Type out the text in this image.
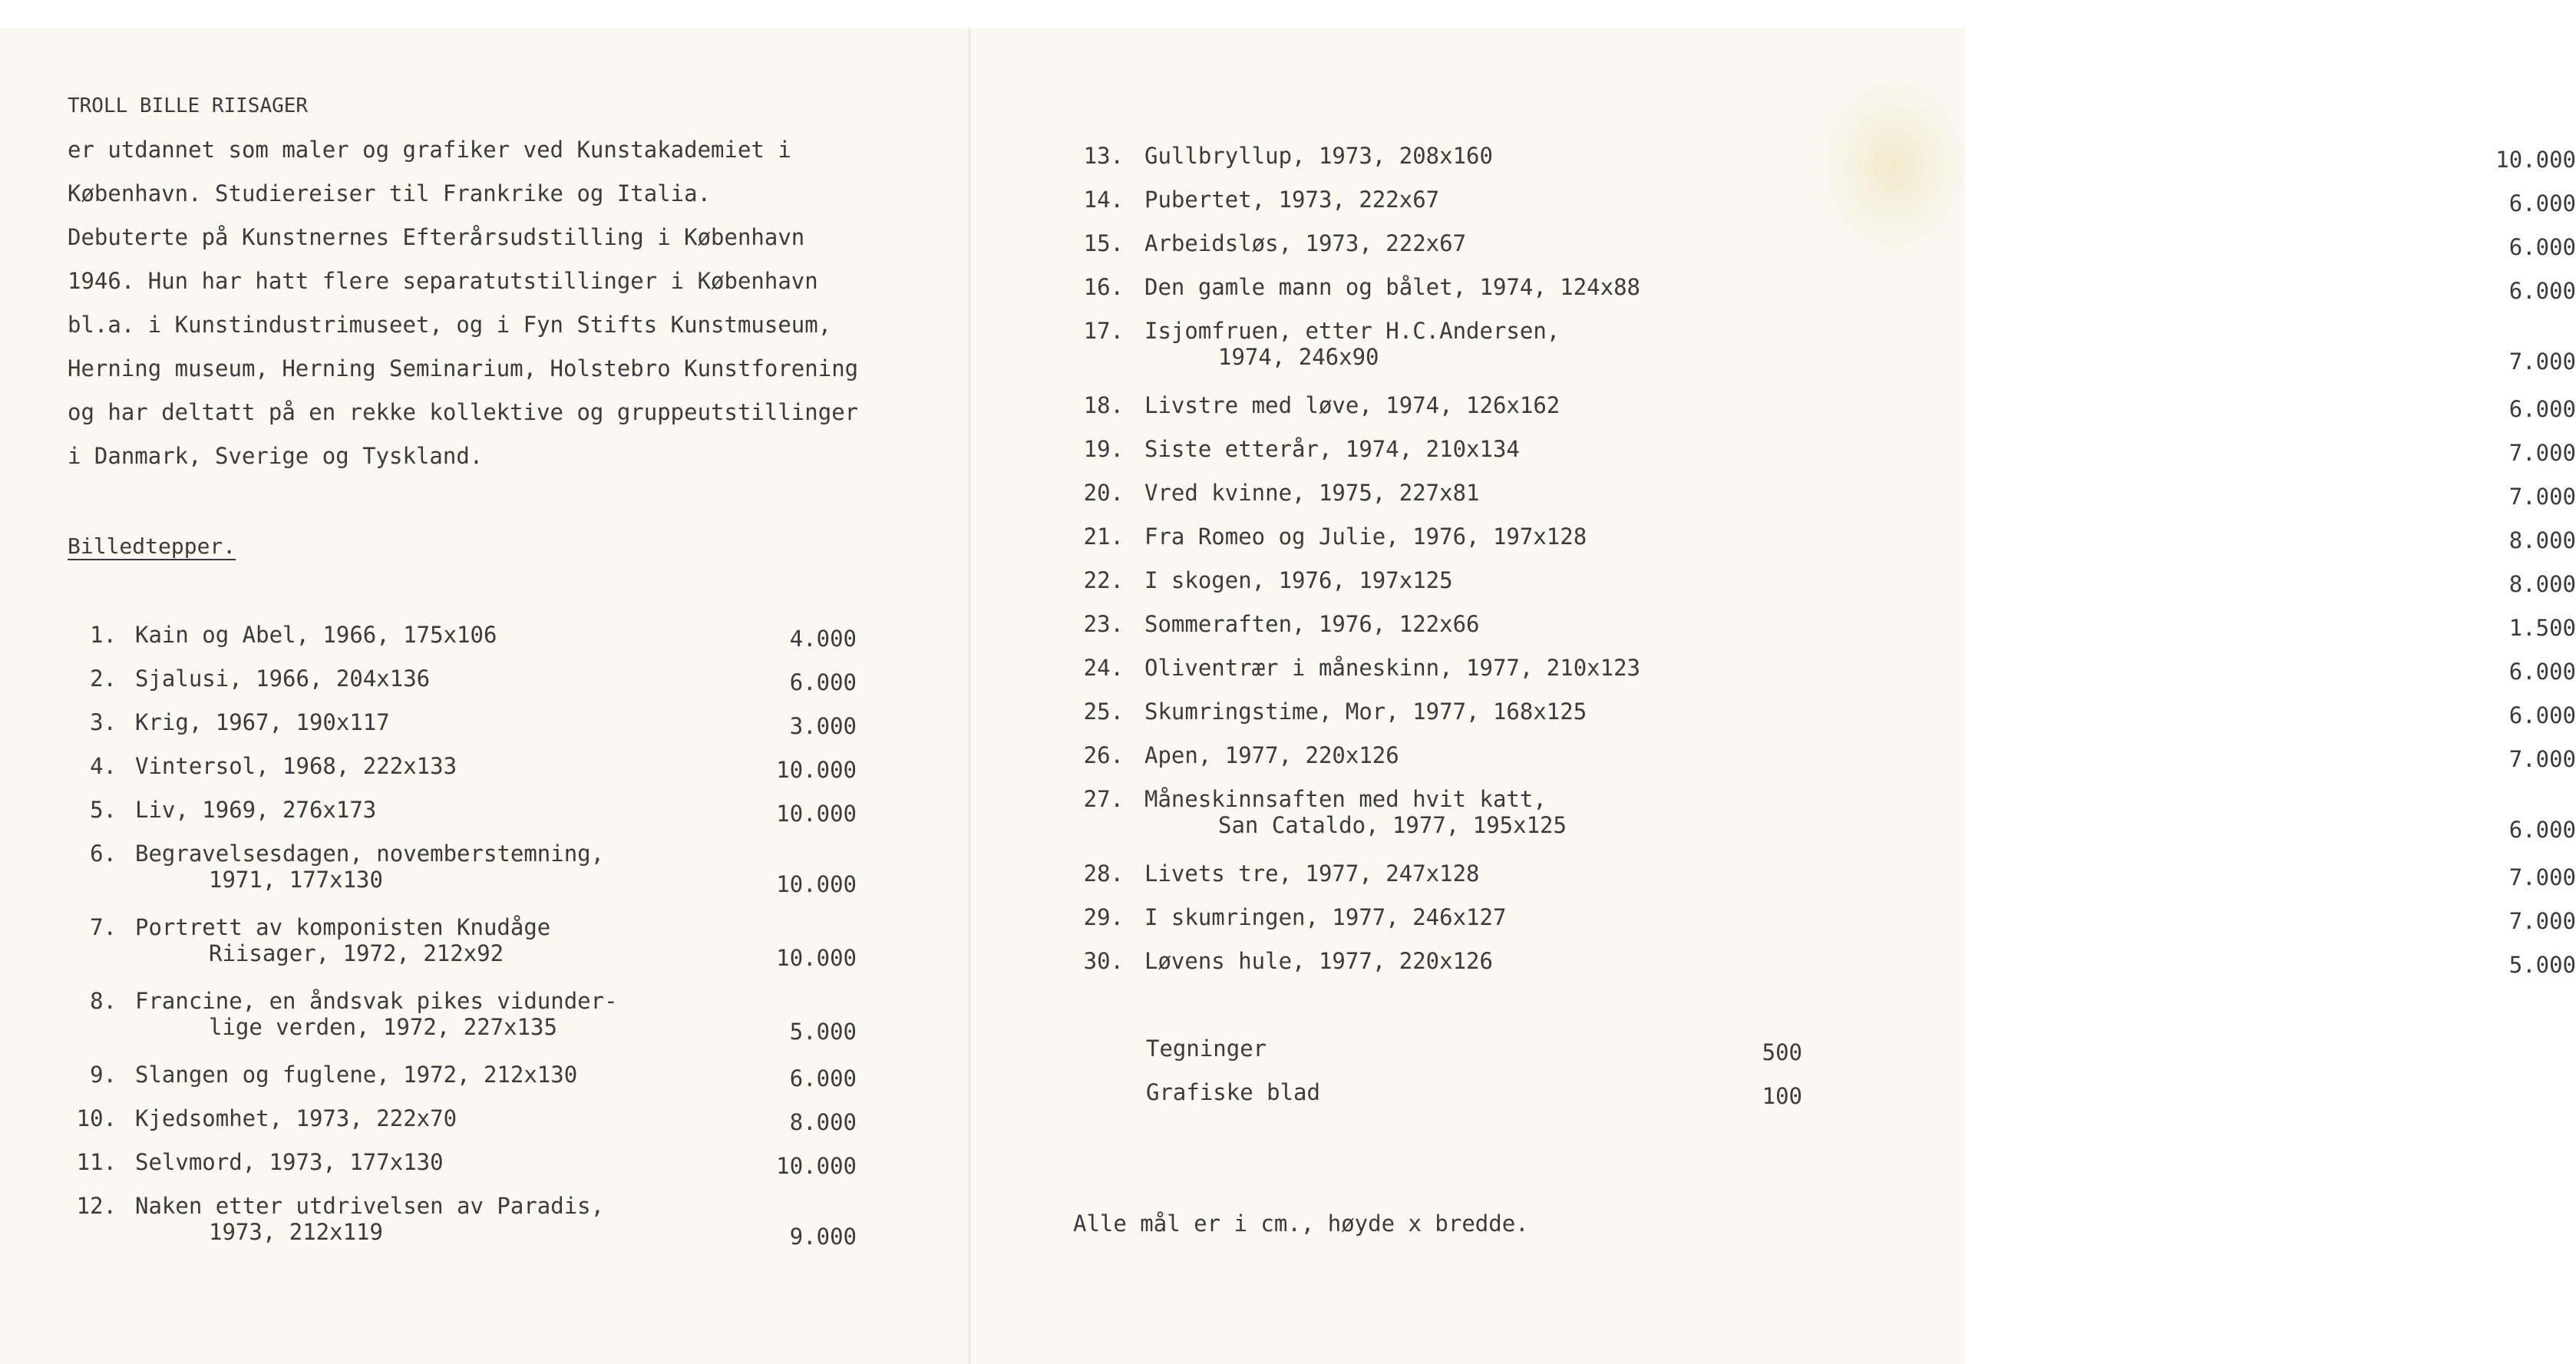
TROLL BILLE RIISAGER
er utdannet som maler og grafiker ved Kunstakademiet i
København. Studiereiser til Frankrike og Italia.
Debuterte på Kunstnernes Efterårsudstilling i København
1946. Hun har hatt flere separatutstillinger i København
bl.a. i Kunstindustrimuseet, og i Fyn Stifts Kunstmuseum,
Herning museum, Herning Seminarium, Holstebro Kunstforening
og har deltatt på en rekke kollektive og gruppeutstillinger
i Danmark, Sverige og Tyskland.
Billedtepper.
1. Kain og Abel, 1966, 175x106	4.000
2. Sjalusi, 1966, 204x136	6.000
3. Krig, 1967, 190x117	3.000
4. Vintersol, 1968, 222x133	10.000
5. Liv, 1969, 276x173	10.000
6. Begravelsesdagen, novemberstemning,
1971, 177x130	10.000
7. Portrett av komponisten Knudåge
Riisager, 1972, 212x92	10.000
8. Francine, en åndsvak pikes vidunder-
lige verden, 1972, 227x135	5.000
9. Slangen og fuglene, 1972, 212x130	6.000
10. Kjedsomhet, 1973, 222x70	8.000
11. Selvmord, 1973, 177x130	10.000
12. Naken etter utdrivelsen av Paradis,
1973, 212x119	9.000
13. Gullbryllup, 1973, 208x160	10.000
14. Pubertet, 1973, 222x67	6.000
15. Arbeidsløs, 1973, 222x67	6.000
16. Den gamle mann og bålet, 1974, 124x88	6.000
17. Isjomfruen, etter H.C.Andersen,
1974, 246x90	7.000
18. Livstre med løve, 1974, 126x162	6.000
19. Siste etterår, 1974, 210x134	7.000
20. Vred kvinne, 1975, 227x81	7.000
21. Fra Romeo og Julie, 1976, 197x128	8.000
22. I skogen, 1976, 197x125	8.000
23. Sommeraften, 1976, 122x66	1.500
24. Oliventrær i måneskinn, 1977, 210x123	6.000
25. Skumringstime, Mor, 1977, 168x125	6.000
26. Apen, 1977, 220x126	7.000
27. Måneskinnsaften med hvit katt,
San Cataldo, 1977, 195x125	6.000
28. Livets tre, 1977, 247x128	7.000
29. I skumringen, 1977, 246x127	7.000
30. Løvens hule, 1977, 220x126	5.000
Tegninger	500
Grafiske blad	100
Alle mål er i cm., høyde x bredde.
